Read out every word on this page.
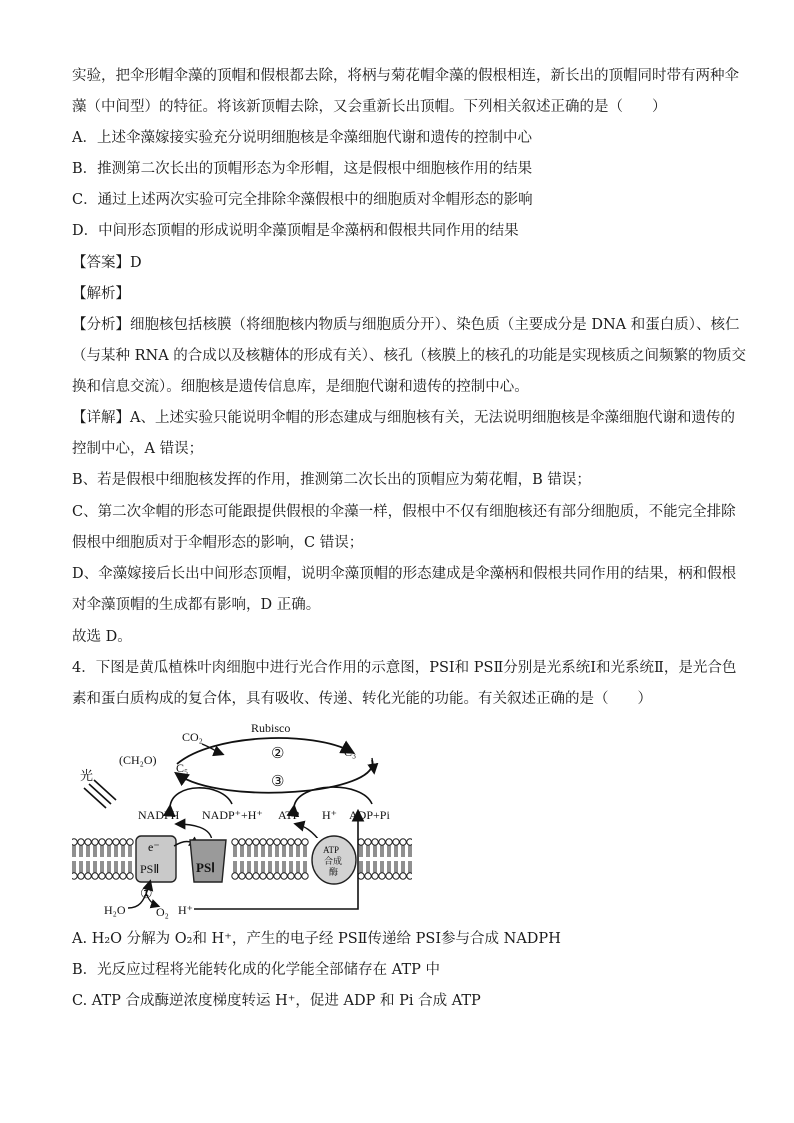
实验，把伞形帽伞藻的顶帽和假根都去除，将柄与菊花帽伞藻的假根相连，新长出的顶帽同时带有两种伞
藻（中间型）的特征。将该新顶帽去除，又会重新长出顶帽。下列相关叙述正确的是（　　）
A．上述伞藻嫁接实验充分说明细胞核是伞藻细胞代谢和遗传的控制中心
B．推测第二次长出的顶帽形态为伞形帽，这是假根中细胞核作用的结果
C．通过上述两次实验可完全排除伞藻假根中的细胞质对伞帽形态的影响
D．中间形态顶帽的形成说明伞藻顶帽是伞藻柄和假根共同作用的结果
【答案】D
【解析】
【分析】细胞核包括核膜（将细胞核内物质与细胞质分开）、染色质（主要成分是 DNA 和蛋白质）、核仁
（与某种 RNA 的合成以及核糖体的形成有关）、核孔（核膜上的核孔的功能是实现核质之间频繁的物质交
换和信息交流）。细胞核是遗传信息库，是细胞代谢和遗传的控制中心。
【详解】A、上述实验只能说明伞帽的形态建成与细胞核有关，无法说明细胞核是伞藻细胞代谢和遗传的
控制中心，A 错误；
B、若是假根中细胞核发挥的作用，推测第二次长出的顶帽应为菊花帽，B 错误；
C、第二次伞帽的形态可能跟提供假根的伞藻一样，假根中不仅有细胞核还有部分细胞质，不能完全排除
假根中细胞质对于伞帽形态的影响，C 错误；
D、伞藻嫁接后长出中间形态顶帽，说明伞藻顶帽的形态建成是伞藻柄和假根共同作用的结果，柄和假根
对伞藻顶帽的生成都有影响，D 正确。
故选 D。
4．下图是黄瓜植株叶肉细胞中进行光合作用的示意图，PSⅠ和 PSⅡ分别是光系统Ⅰ和光系统Ⅱ，是光合色
素和蛋白质构成的复合体，具有吸收、传递、转化光能的功能。有关叙述正确的是（　　）
Rubisco
CO₂
②	C₃
③
C₅
(CH₂O)
光
NADPH NADP⁺+H⁺ ATP H⁺ ADP+Pi
e⁻
PSⅡ	PSⅠ
ATP
合成
酶
①
H₂O	O₂ H⁺
A. H₂O 分解为 O₂和 H⁺，产生的电子经 PSⅡ传递给 PSⅠ参与合成 NADPH
B．光反应过程将光能转化成的化学能全部储存在 ATP 中
C. ATP 合成酶逆浓度梯度转运 H⁺，促进 ADP 和 Pi 合成 ATP
